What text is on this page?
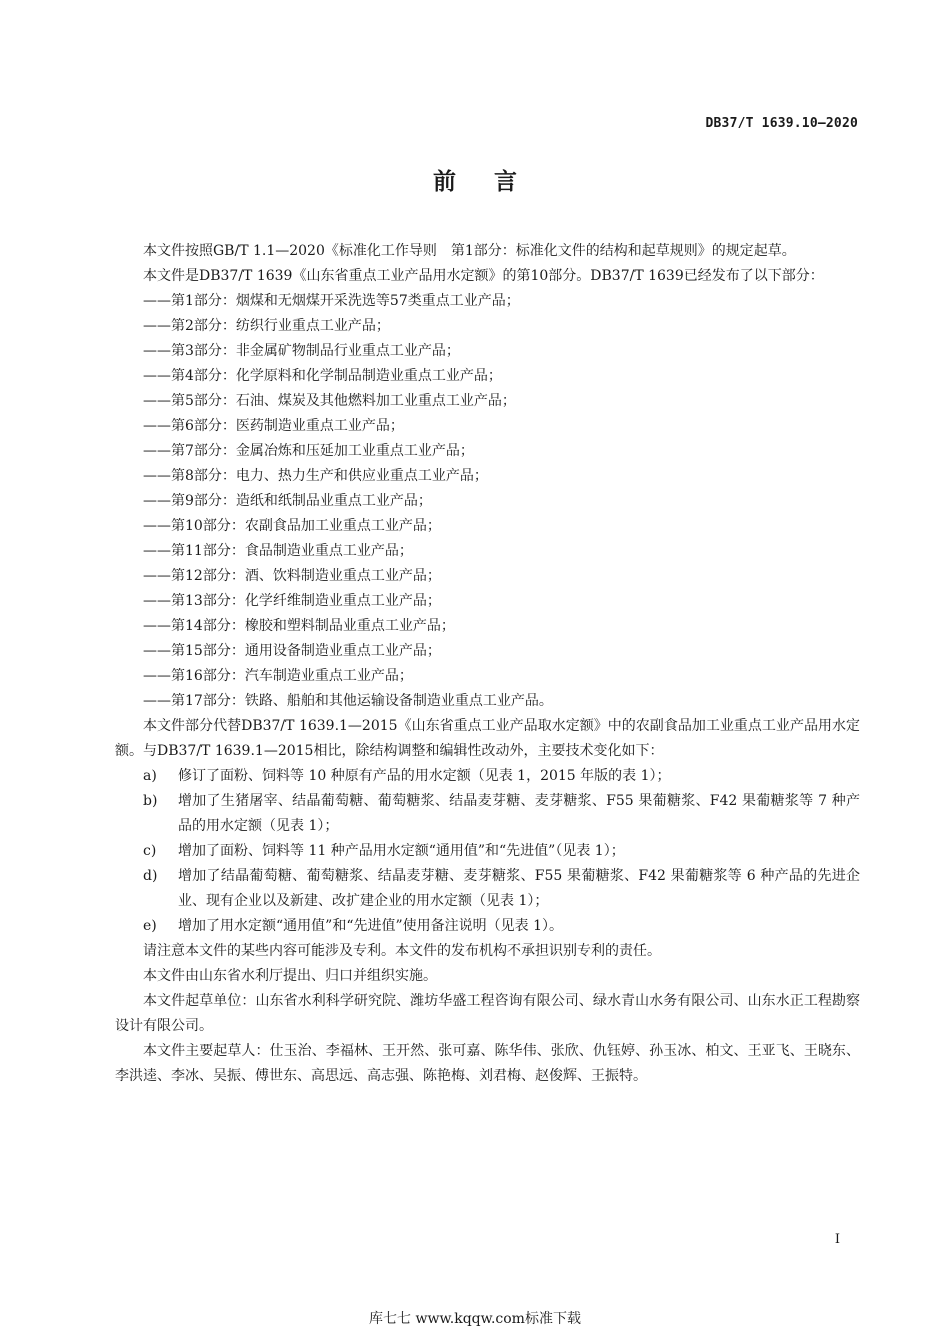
DB37/T 1639.10—2020
前 言

本文件按照GB/T 1.1—2020《标准化工作导则　第1部分：标准化文件的结构和起草规则》的规定起草。

本文件是DB37/T 1639《山东省重点工业产品用水定额》的第10部分。DB37/T 1639已经发布了以下部分：

——第1部分：烟煤和无烟煤开采洗选等57类重点工业产品；

——第2部分：纺织行业重点工业产品；

——第3部分：非金属矿物制品行业重点工业产品；

——第4部分：化学原料和化学制品制造业重点工业产品；

——第5部分：石油、煤炭及其他燃料加工业重点工业产品；

——第6部分：医药制造业重点工业产品；

——第7部分：金属冶炼和压延加工业重点工业产品；

——第8部分：电力、热力生产和供应业重点工业产品；

——第9部分：造纸和纸制品业重点工业产品；

——第10部分：农副食品加工业重点工业产品；

——第11部分：食品制造业重点工业产品；

——第12部分：酒、饮料制造业重点工业产品；

——第13部分：化学纤维制造业重点工业产品；

——第14部分：橡胶和塑料制品业重点工业产品；

——第15部分：通用设备制造业重点工业产品；

——第16部分：汽车制造业重点工业产品；

——第17部分：铁路、船舶和其他运输设备制造业重点工业产品。

本文件部分代替DB37/T 1639.1—2015《山东省重点工业产品取水定额》中的农副食品加工业重点工业产品用水定额。与DB37/T 1639.1—2015相比，除结构调整和编辑性改动外，主要技术变化如下：

a)	修订了面粉、饲料等 10 种原有产品的用水定额（见表 1，2015 年版的表 1）；
b)	增加了生猪屠宰、结晶葡萄糖、葡萄糖浆、结晶麦芽糖、麦芽糖浆、F55 果葡糖浆、F42 果葡糖浆等 7 种产品的用水定额（见表 1）；
c)	增加了面粉、饲料等 11 种产品用水定额“通用值”和“先进值”（见表 1）；
d)	增加了结晶葡萄糖、葡萄糖浆、结晶麦芽糖、麦芽糖浆、F55 果葡糖浆、F42 果葡糖浆等 6 种产品的先进企业、现有企业以及新建、改扩建企业的用水定额（见表 1）；
e)	增加了用水定额“通用值”和“先进值”使用备注说明（见表 1）。

请注意本文件的某些内容可能涉及专利。本文件的发布机构不承担识别专利的责任。

本文件由山东省水利厅提出、归口并组织实施。

本文件起草单位：山东省水利科学研究院、潍坊华盛工程咨询有限公司、绿水青山水务有限公司、山东水正工程勘察设计有限公司。

本文件主要起草人：仕玉治、李福林、王开然、张可嘉、陈华伟、张欣、仇钰婷、孙玉冰、柏文、王亚飞、王晓东、李洪逵、李冰、吴振、傅世东、高思远、高志强、陈艳梅、刘君梅、赵俊辉、王振特。

I
库七七 www.kqqw.com标准下载
